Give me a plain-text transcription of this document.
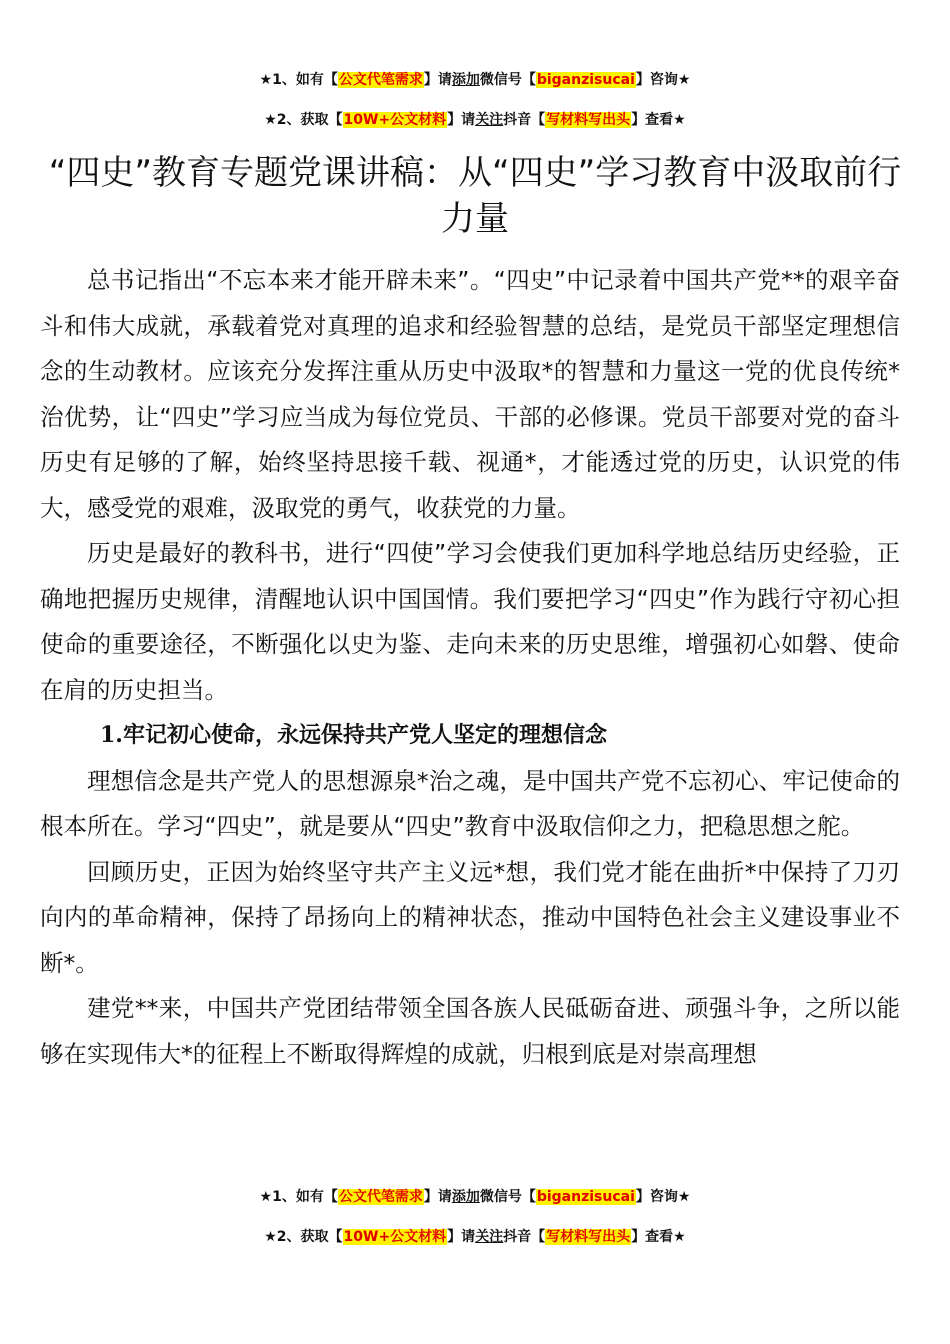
★1、如有【公文代笔需求】请添加微信号【biganzisucai】咨询★
★2、获取【10W+公文材料】请关注抖音【写材料写出头】查看★
“四史”教育专题党课讲稿：从“四史”学习教育中汲取前行力量

总书记指出“不忘本来才能开辟未来”。“四史”中记录着中国共产党**的艰辛奋斗和伟大成就，承载着党对真理的追求和经验智慧的总结，是党员干部坚定理想信念的生动教材。应该充分发挥注重从历史中汲取*的智慧和力量这一党的优良传统*治优势，让“四史”学习应当成为每位党员、干部的必修课。党员干部要对党的奋斗历史有足够的了解，始终坚持思接千载、视通*，才能透过党的历史，认识党的伟大，感受党的艰难，汲取党的勇气，收获党的力量。

历史是最好的教科书，进行“四使”学习会使我们更加科学地总结历史经验，正确地把握历史规律，清醒地认识中国国情。我们要把学习“四史”作为践行守初心担使命的重要途径，不断强化以史为鉴、走向未来的历史思维，增强初心如磐、使命在肩的历史担当。

1.牢记初心使命，永远保持共产党人坚定的理想信念

理想信念是共产党人的思想源泉*治之魂，是中国共产党不忘初心、牢记使命的根本所在。学习“四史”，就是要从“四史”教育中汲取信仰之力，把稳思想之舵。

回顾历史，正因为始终坚守共产主义远*想，我们党才能在曲折*中保持了刀刃向内的革命精神，保持了昂扬向上的精神状态，推动中国特色社会主义建设事业不断*。

建党**来，中国共产党团结带领全国各族人民砥砺奋进、顽强斗争，之所以能够在实现伟大*的征程上不断取得辉煌的成就，归根到底是对崇高理想

★1、如有【公文代笔需求】请添加微信号【biganzisucai】咨询★
★2、获取【10W+公文材料】请关注抖音【写材料写出头】查看★
